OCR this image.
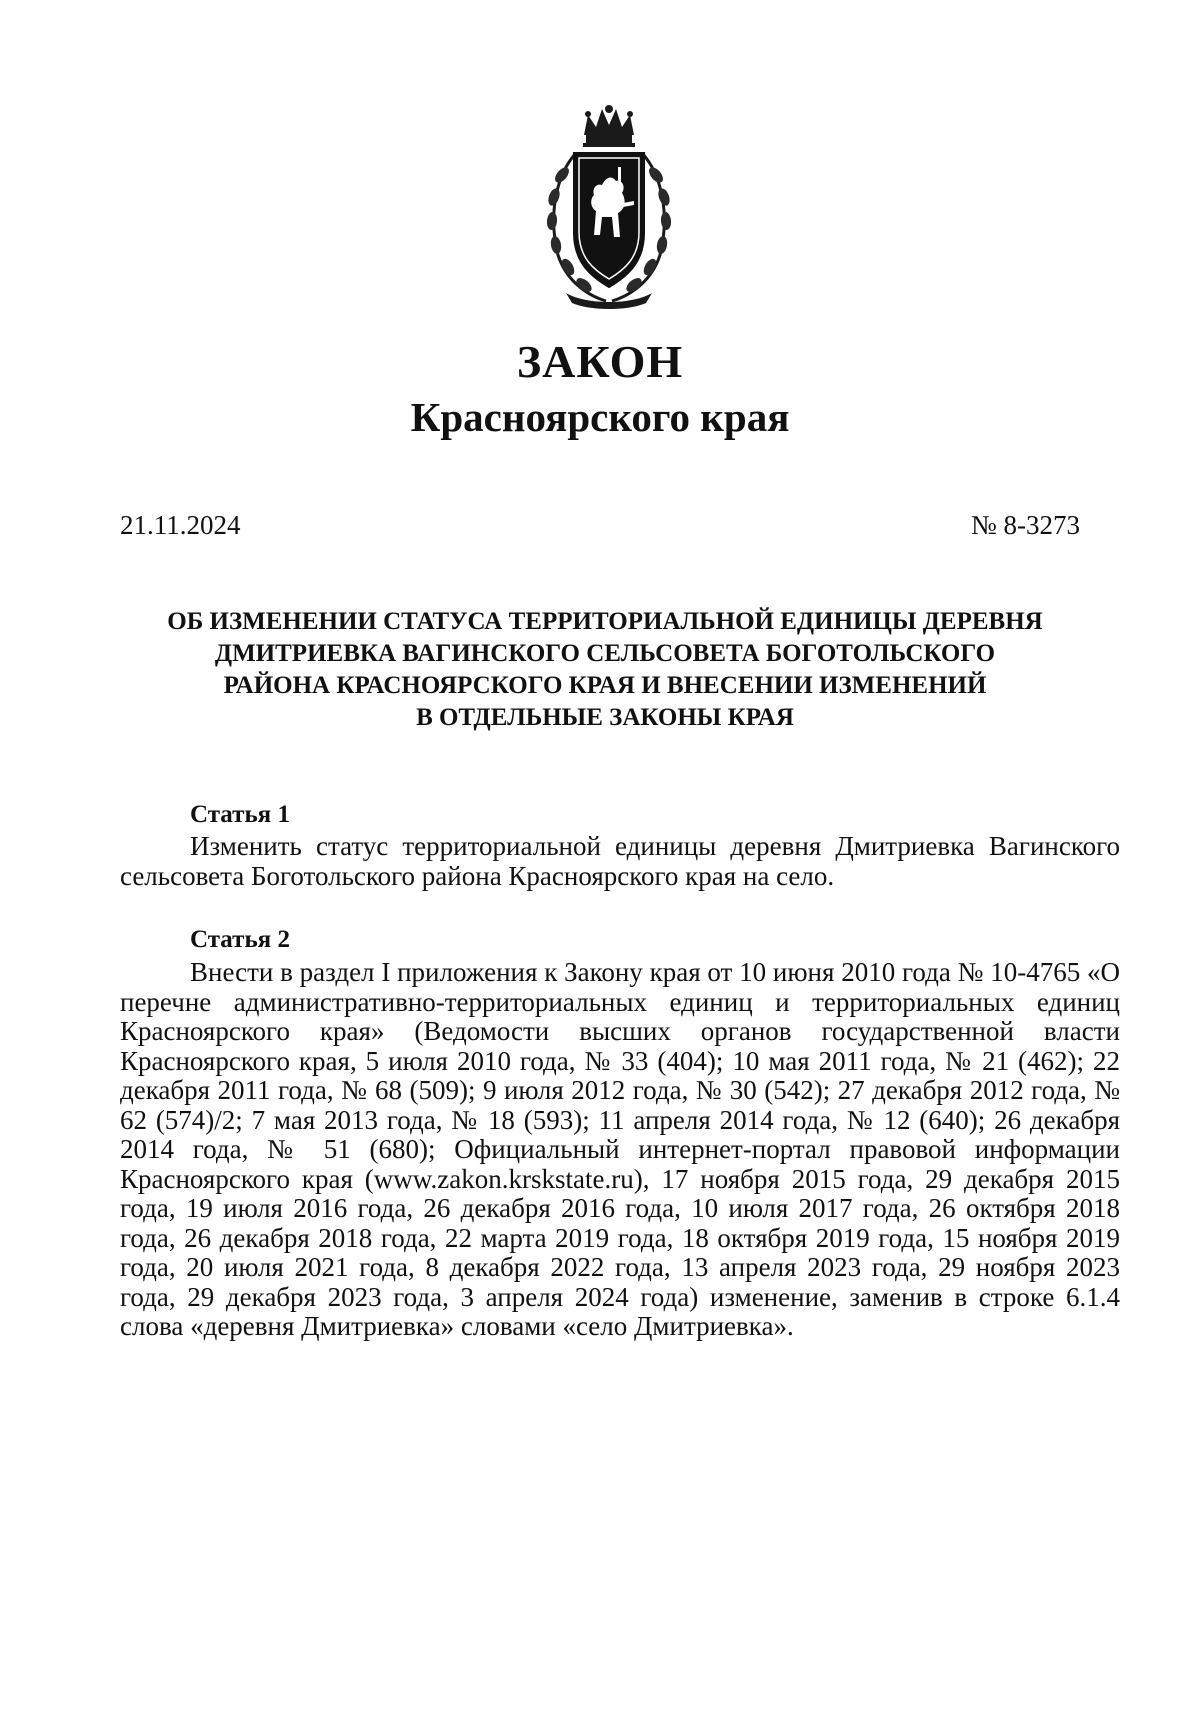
ЗАКОН
Красноярского края
21.11.2024	№ 8-3273
ОБ ИЗМЕНЕНИИ СТАТУСА ТЕРРИТОРИАЛЬНОЙ ЕДИНИЦЫ ДЕРЕВНЯ
ДМИТРИЕВКА ВАГИНСКОГО СЕЛЬСОВЕТА БОГОТОЛЬСКОГО
РАЙОНА КРАСНОЯРСКОГО КРАЯ И ВНЕСЕНИИ ИЗМЕНЕНИЙ
В ОТДЕЛЬНЫЕ ЗАКОНЫ КРАЯ
Статья 1
Изменить статус территориальной единицы деревня Дмитриевка Вагинского сельсовета Боготольского района Красноярского края на село.
Статья 2
Внести в раздел I приложения к Закону края от 10 июня 2010 года № 10-4765 «О перечне административно-территориальных единиц и территориальных единиц Красноярского края» (Ведомости высших органов государственной власти Красноярского края, 5 июля 2010 года, № 33 (404); 10 мая 2011 года, № 21 (462); 22 декабря 2011 года, № 68 (509); 9 июля 2012 года, № 30 (542); 27 декабря 2012 года, № 62 (574)/2; 7 мая 2013 года, № 18 (593); 11 апреля 2014 года, № 12 (640); 26 декабря 2014 года, № 51 (680); Официальный интернет-портал правовой информации Красноярского края (www.zakon.krskstate.ru), 17 ноября 2015 года, 29 декабря 2015 года, 19 июля 2016 года, 26 декабря 2016 года, 10 июля 2017 года, 26 октября 2018 года, 26 декабря 2018 года, 22 марта 2019 года, 18 октября 2019 года, 15 ноября 2019 года, 20 июля 2021 года, 8 декабря 2022 года, 13 апреля 2023 года, 29 ноября 2023 года, 29 декабря 2023 года, 3 апреля 2024 года) изменение, заменив в строке 6.1.4 слова «деревня Дмитриевка» словами «село Дмитриевка».
